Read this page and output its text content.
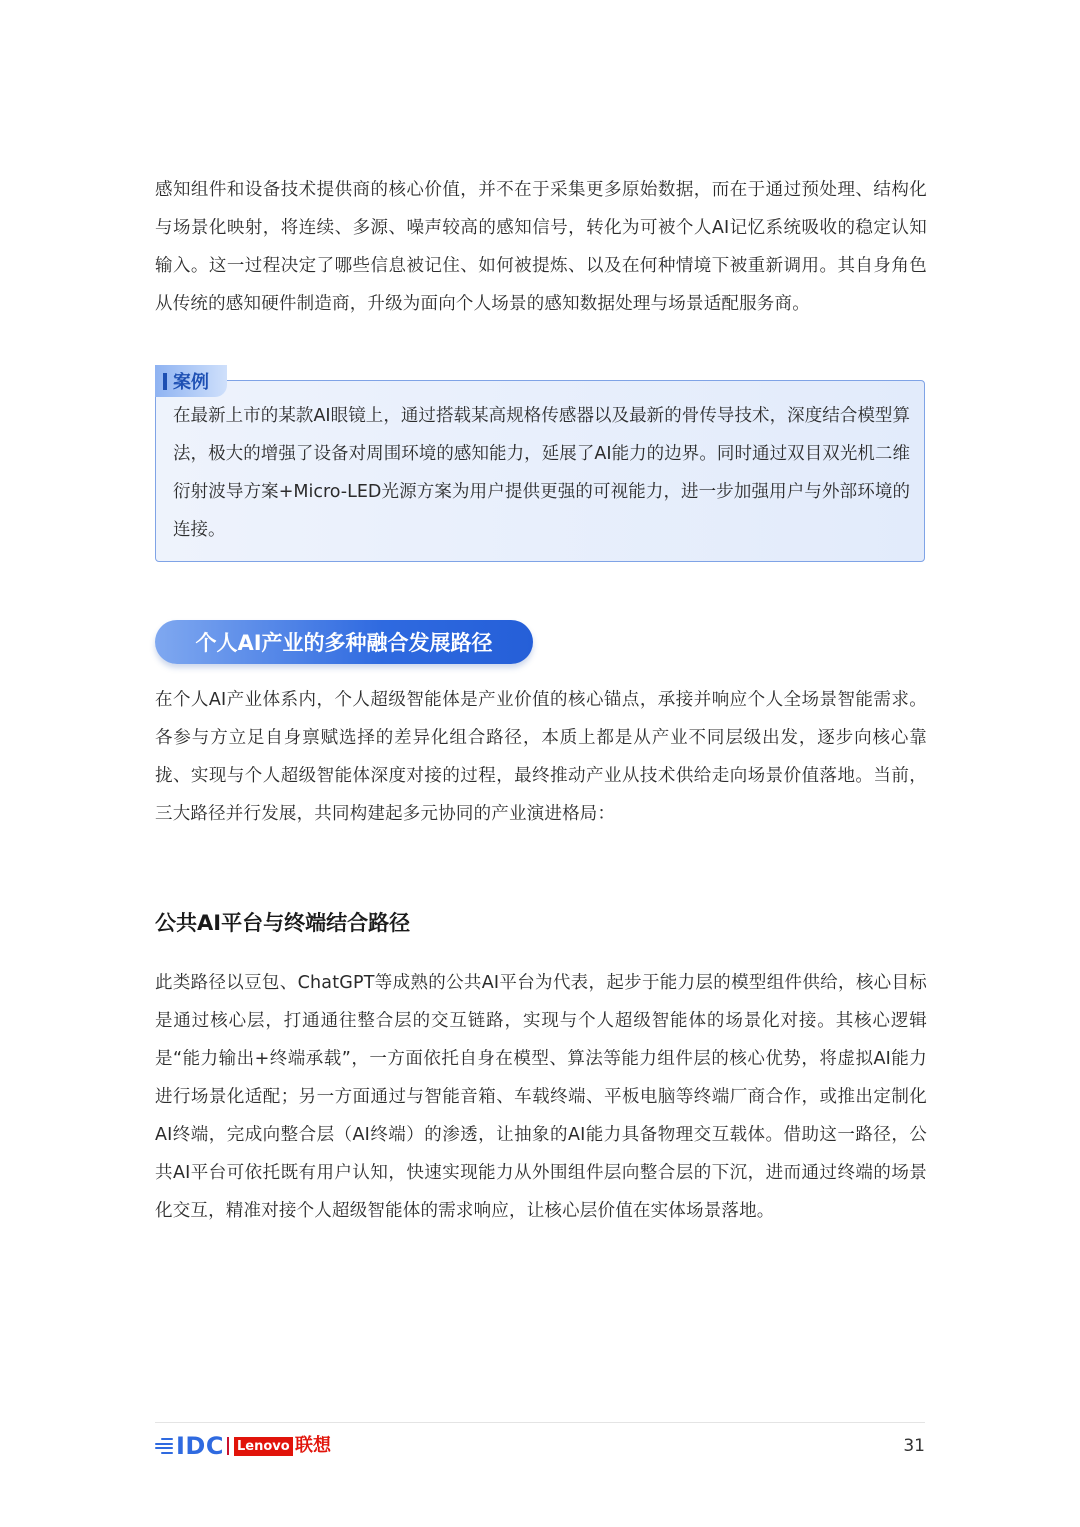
感知组件和设备技术提供商的核心价值，并不在于采集更多原始数据，而在于通过预处理、结构化与场景化映射，将连续、多源、噪声较高的感知信号，转化为可被个人AI记忆系统吸收的稳定认知输入。这一过程决定了哪些信息被记住、如何被提炼、以及在何种情境下被重新调用。其自身角色从传统的感知硬件制造商，升级为面向个人场景的感知数据处理与场景适配服务商。

案例

在最新上市的某款AI眼镜上，通过搭载某高规格传感器以及最新的骨传导技术，深度结合模型算法，极大的增强了设备对周围环境的感知能力，延展了AI能力的边界。同时通过双目双光机二维衍射波导方案+Micro-LED光源方案为用户提供更强的可视能力，进一步加强用户与外部环境的连接。

个人AI产业的多种融合发展路径

在个人AI产业体系内，个人超级智能体是产业价值的核心锚点，承接并响应个人全场景智能需求。各参与方立足自身禀赋选择的差异化组合路径，本质上都是从产业不同层级出发，逐步向核心靠拢、实现与个人超级智能体深度对接的过程，最终推动产业从技术供给走向场景价值落地。当前，三大路径并行发展，共同构建起多元协同的产业演进格局：

公共AI平台与终端结合路径

此类路径以豆包、ChatGPT等成熟的公共AI平台为代表，起步于能力层的模型组件供给，核心目标是通过核心层，打通通往整合层的交互链路，实现与个人超级智能体的场景化对接。其核心逻辑是“能力输出+终端承载”，一方面依托自身在模型、算法等能力组件层的核心优势，将虚拟AI能力进行场景化适配；另一方面通过与智能音箱、车载终端、平板电脑等终端厂商合作，或推出定制化AI终端，完成向整合层（AI终端）的渗透，让抽象的AI能力具备物理交互载体。借助这一路径，公共AI平台可依托既有用户认知，快速实现能力从外围组件层向整合层的下沉，进而通过终端的场景化交互，精准对接个人超级智能体的需求响应，让核心层价值在实体场景落地。

IDC Lenovo 联想	31
